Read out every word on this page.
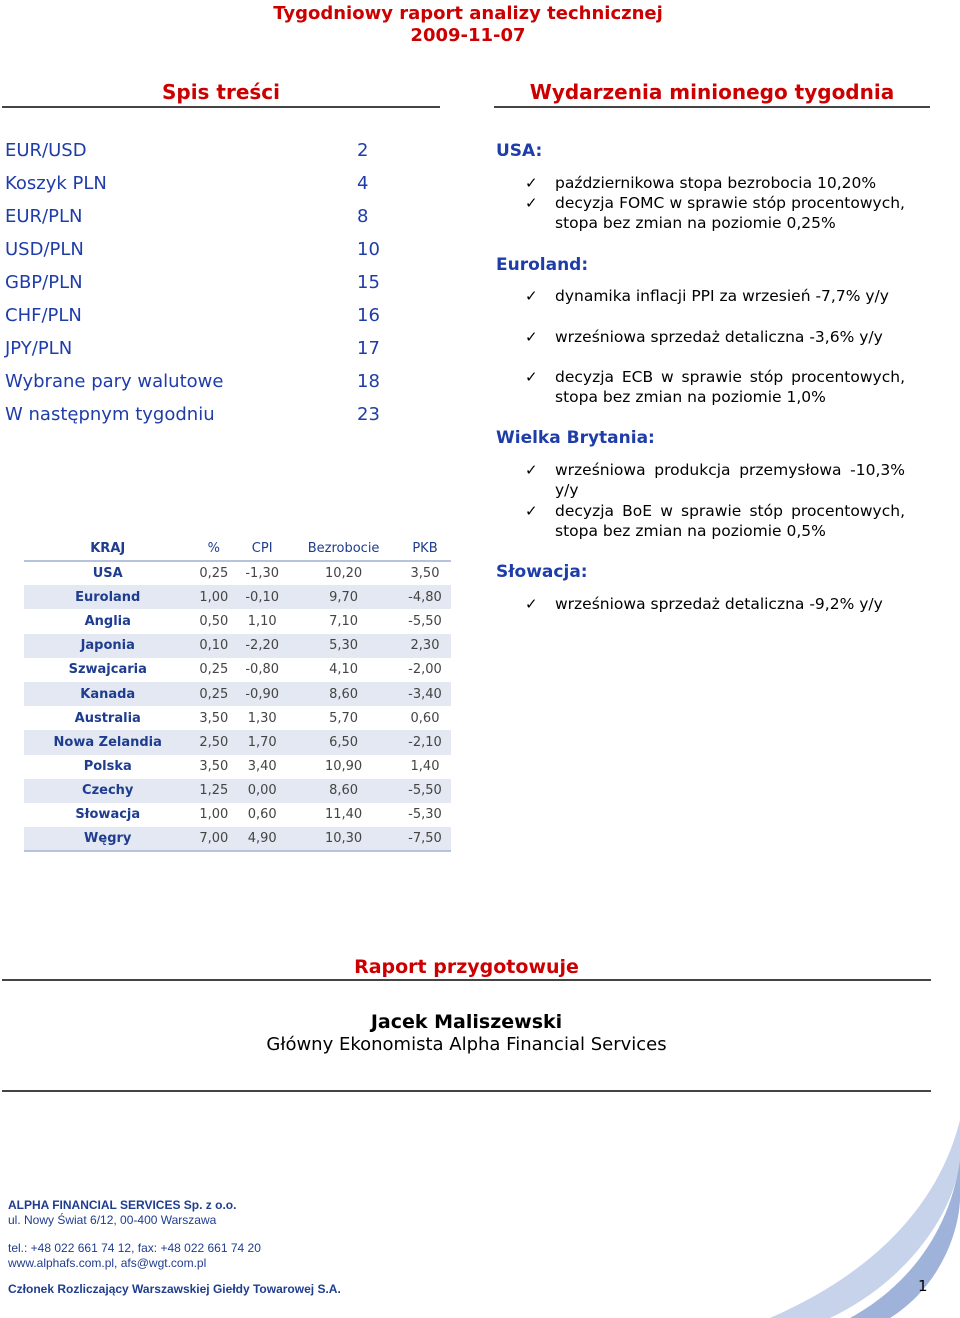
Tygodniowy raport analizy technicznej
2009-11-07
Spis treści	Wydarzenia minionego tygodnia
EUR/USD	2
Koszyk PLN	4
EUR/PLN	8
USD/PLN	10
GBP/PLN	15
CHF/PLN	16
JPY/PLN	17
Wybrane pary walutowe	18
W następnym tygodniu	23
KRAJ	%	CPI	Bezrobocie	PKB
USA	0,25	-1,30	10,20	3,50
Euroland	1,00	-0,10	9,70	-4,80
Anglia	0,50	1,10	7,10	-5,50
Japonia	0,10	-2,20	5,30	2,30
Szwajcaria	0,25	-0,80	4,10	-2,00
Kanada	0,25	-0,90	8,60	-3,40
Australia	3,50	1,30	5,70	0,60
Nowa Zelandia	2,50	1,70	6,50	-2,10
Polska	3,50	3,40	10,90	1,40
Czechy	1,25	0,00	8,60	-5,50
Słowacja	1,00	0,60	11,40	-5,30
Węgry	7,00	4,90	10,30	-7,50
USA:
✓ październikowa stopa bezrobocia 10,20%
✓ decyzja FOMC w sprawie stóp procentowych, stopa bez zmian na poziomie 0,25%
Euroland:
✓ dynamika inflacji PPI za wrzesień -7,7% y/y
✓ wrześniowa sprzedaż detaliczna -3,6% y/y
✓ decyzja ECB w sprawie stóp procentowych, stopa bez zmian na poziomie 1,0%
Wielka Brytania:
✓ wrześniowa produkcja przemysłowa -10,3% y/y
✓ decyzja BoE w sprawie stóp procentowych, stopa bez zmian na poziomie 0,5%
Słowacja:
✓ wrześniowa sprzedaż detaliczna -9,2% y/y
Raport przygotowuje
Jacek Maliszewski
Główny Ekonomista Alpha Financial Services
ALPHA FINANCIAL SERVICES Sp. z o.o.
ul. Nowy Świat 6/12, 00-400 Warszawa
tel.: +48 022 661 74 12, fax: +48 022 661 74 20
www.alphafs.com.pl, afs@wgt.com.pl
Członek Rozliczający Warszawskiej Giełdy Towarowej S.A.	1
